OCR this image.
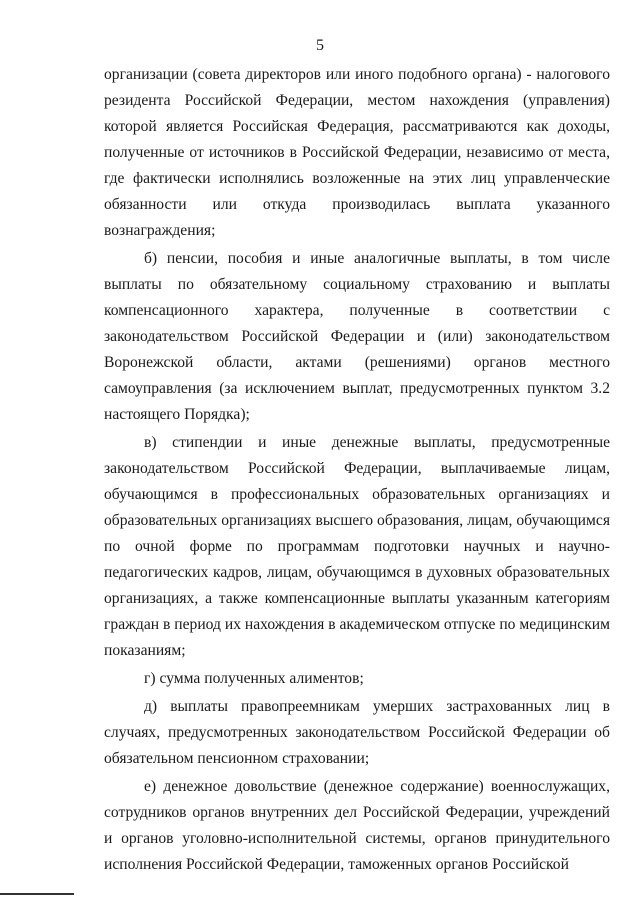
5

организации (совета директоров или иного подобного органа) - налогового резидента Российской Федерации, местом нахождения (управления) которой является Российская Федерация, рассматриваются как доходы, полученные от источников в Российской Федерации, независимо от места, где фактически исполнялись возложенные на этих лиц управленческие обязанности или откуда производилась выплата указанного вознаграждения;

б) пенсии, пособия и иные аналогичные выплаты, в том числе выплаты по обязательному социальному страхованию и выплаты компенсационного характера, полученные в соответствии с законодательством Российской Федерации и (или) законодательством Воронежской области, актами (решениями) органов местного самоуправления (за исключением выплат, предусмотренных пунктом 3.2 настоящего Порядка);

в) стипендии и иные денежные выплаты, предусмотренные законодательством Российской Федерации, выплачиваемые лицам, обучающимся в профессиональных образовательных организациях и образовательных организациях высшего образования, лицам, обучающимся по очной форме по программам подготовки научных и научно-педагогических кадров, лицам, обучающимся в духовных образовательных организациях, а также компенсационные выплаты указанным категориям граждан в период их нахождения в академическом отпуске по медицинским показаниям;

г) сумма полученных алиментов;

д) выплаты правопреемникам умерших застрахованных лиц в случаях, предусмотренных законодательством Российской Федерации об обязательном пенсионном страховании;

е) денежное довольствие (денежное содержание) военнослужащих, сотрудников органов внутренних дел Российской Федерации, учреждений и органов уголовно-исполнительной системы, органов принудительного исполнения Российской Федерации, таможенных органов Российской
